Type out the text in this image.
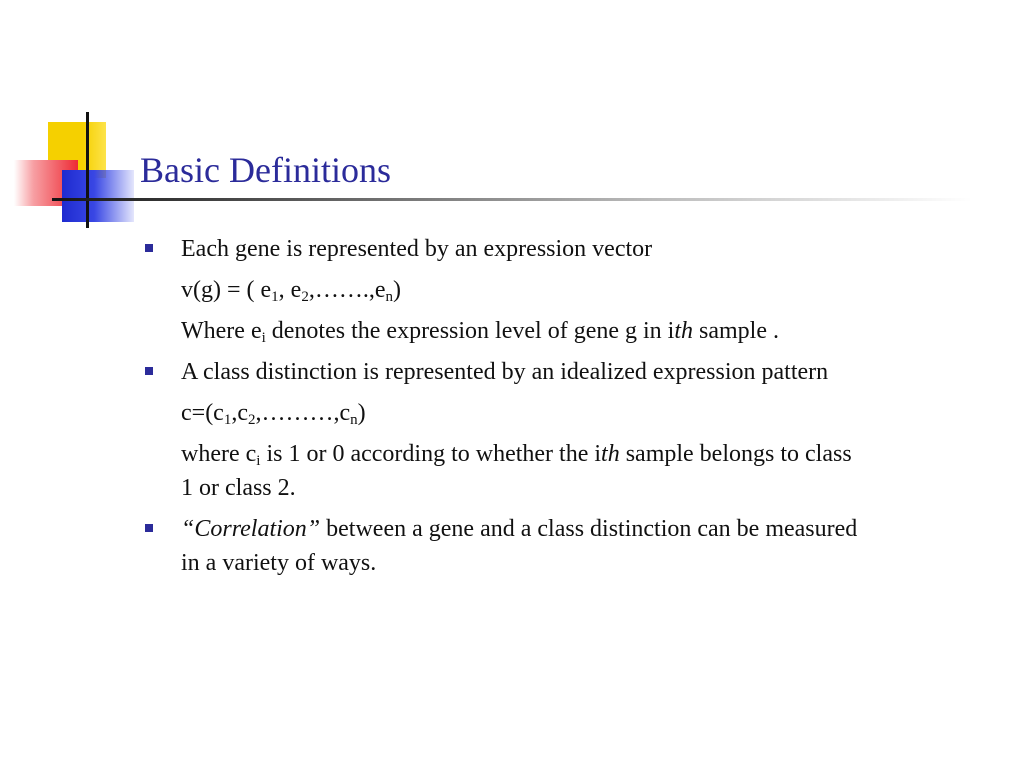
Basic Definitions
Each gene is represented by an expression vector
v(g) = ( $e_1$, $e_2,\dots\dots.,e_n$)
Where $e_i$ denotes the expression level of gene g in ith sample .
A class distinction is represented by an idealized expression pattern
$c=(c_1,c_2,\dots\dots\dots,c_n)$
where $c_i$ is 1 or 0 according to whether the ith sample belongs to class
1 or class 2.
“Correlation” between a gene and a class distinction can be measured
in a variety of ways.
